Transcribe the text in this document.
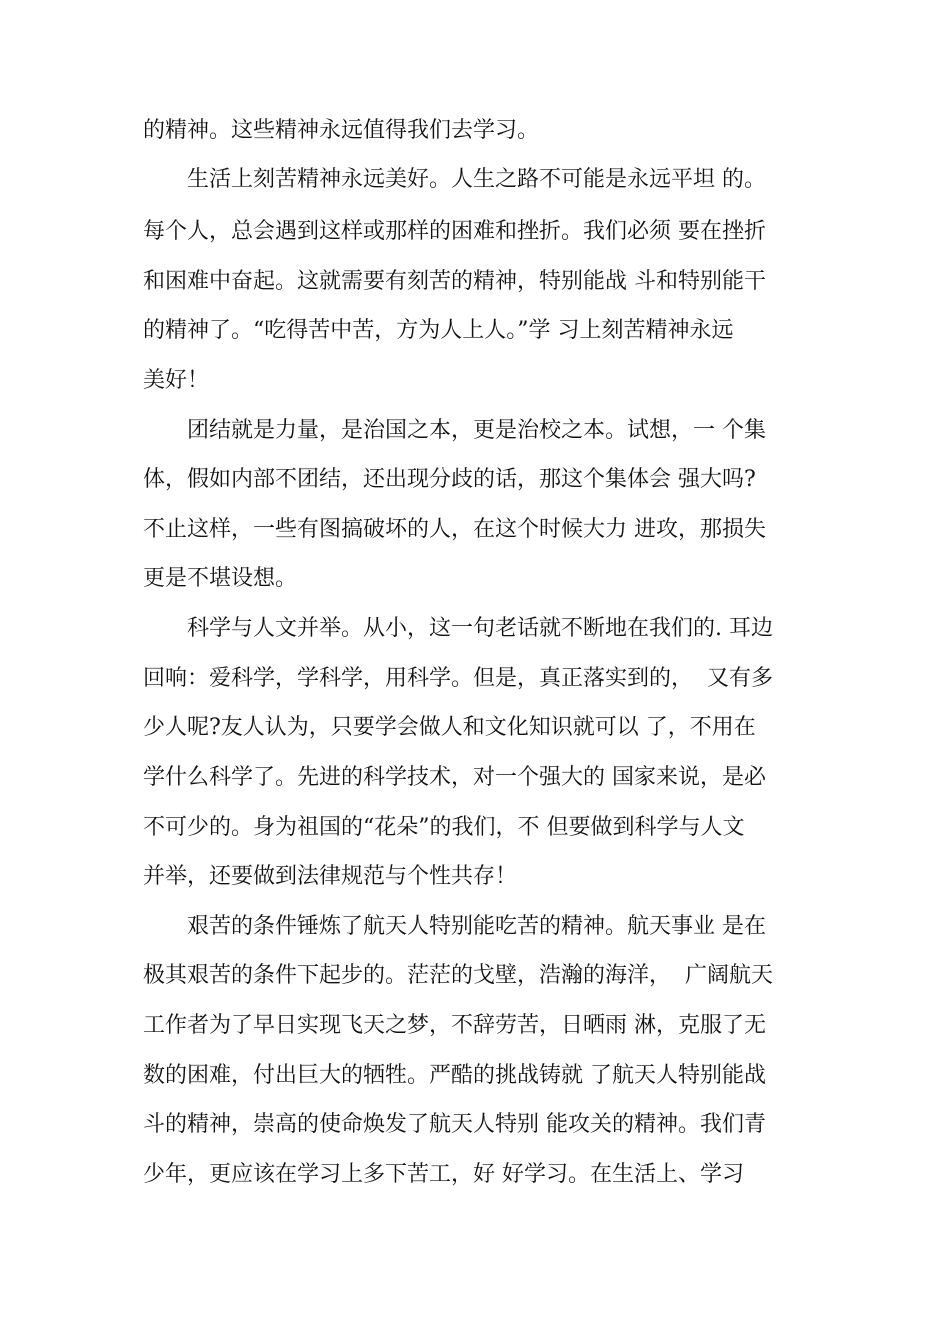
的精神。这些精神永远值得我们去学习。
　　生活上刻苦精神永远美好。人生之路不可能是永远平坦 的。
每个人，总会遇到这样或那样的困难和挫折。我们必须 要在挫折
和困难中奋起。这就需要有刻苦的精神，特别能战 斗和特别能干
的精神了。“吃得苦中苦，方为人上人。”学 习上刻苦精神永远
美好！
　　团结就是力量，是治国之本，更是治校之本。试想，一 个集
体，假如内部不团结，还出现分歧的话，那这个集体会 强大吗?
不止这样，一些有图搞破坏的人，在这个时候大力 进攻，那损失
更是不堪设想。
　　科学与人文并举。从小，这一句老话就不断地在我们的. 耳边
回响：爱科学，学科学，用科学。但是，真正落实到的，  又有多
少人呢?友人认为，只要学会做人和文化知识就可以 了，不用在
学什么科学了。先进的科学技术，对一个强大的 国家来说，是必
不可少的。身为祖国的“花朵”的我们，不 但要做到科学与人文
并举，还要做到法律规范与个性共存！
　　艰苦的条件锤炼了航天人特别能吃苦的精神。航天事业 是在
极其艰苦的条件下起步的。茫茫的戈壁，浩瀚的海洋，  广阔航天
工作者为了早日实现飞天之梦，不辞劳苦，日晒雨 淋，克服了无
数的困难，付出巨大的牺牲。严酷的挑战铸就 了航天人特别能战
斗的精神，崇高的使命焕发了航天人特别 能攻关的精神。我们青
少年，更应该在学习上多下苦工，好 好学习。在生活上、学习
